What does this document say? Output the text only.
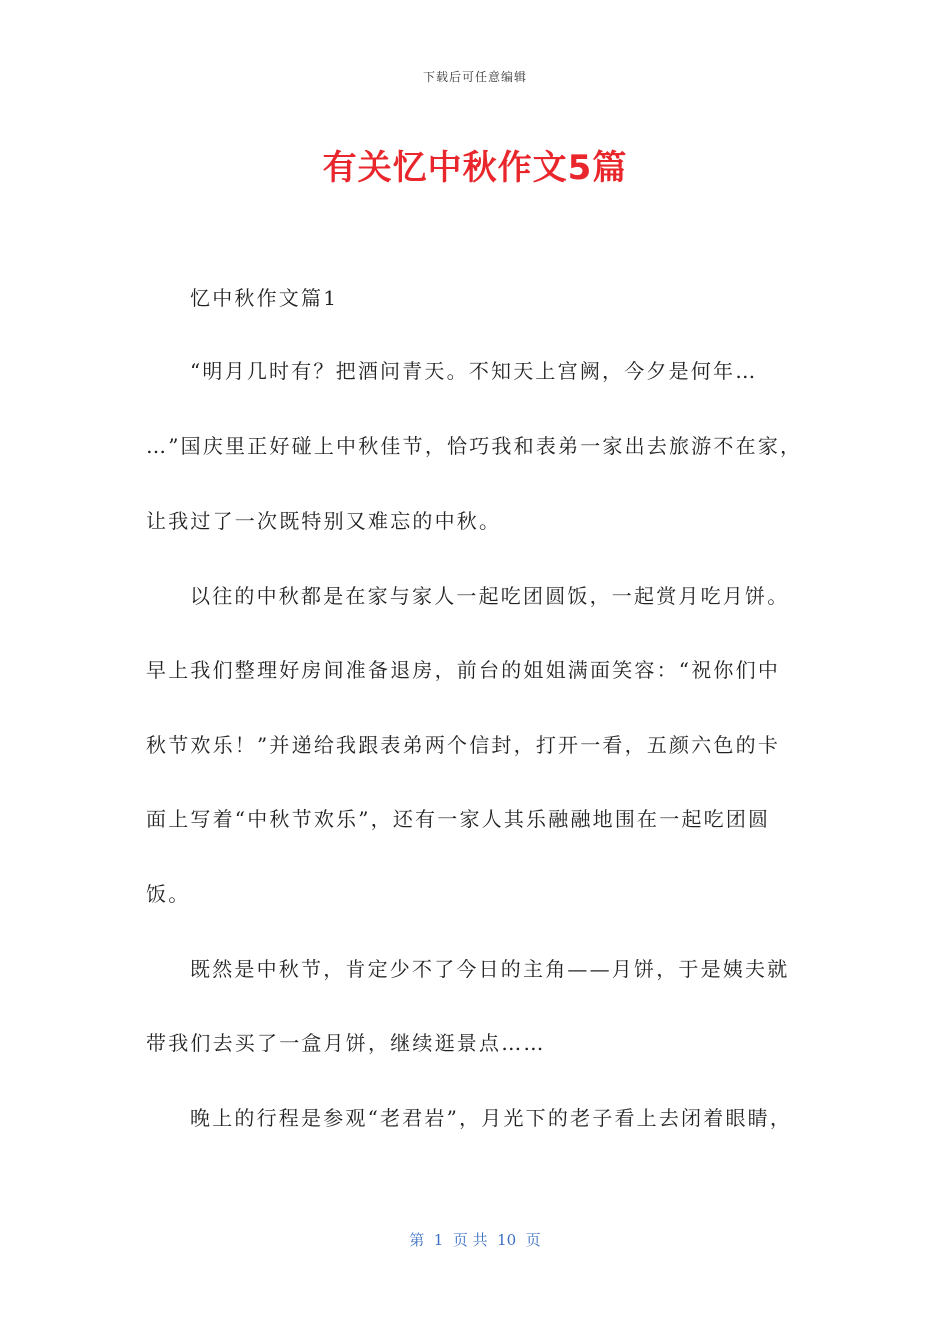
下载后可任意编辑
有关忆中秋作文5篇
忆中秋作文篇1
“明月几时有？把酒问青天。不知天上宫阙，今夕是何年…
…”国庆里正好碰上中秋佳节，恰巧我和表弟一家出去旅游不在家，
让我过了一次既特别又难忘的中秋。
以往的中秋都是在家与家人一起吃团圆饭，一起赏月吃月饼。
早上我们整理好房间准备退房，前台的姐姐满面笑容：“祝你们中
秋节欢乐！”并递给我跟表弟两个信封，打开一看，五颜六色的卡
面上写着“中秋节欢乐”，还有一家人其乐融融地围在一起吃团圆
饭。
既然是中秋节，肯定少不了今日的主角——月饼，于是姨夫就
带我们去买了一盒月饼，继续逛景点……
晚上的行程是参观“老君岩”，月光下的老子看上去闭着眼睛，
第  1  页 共  10  页
